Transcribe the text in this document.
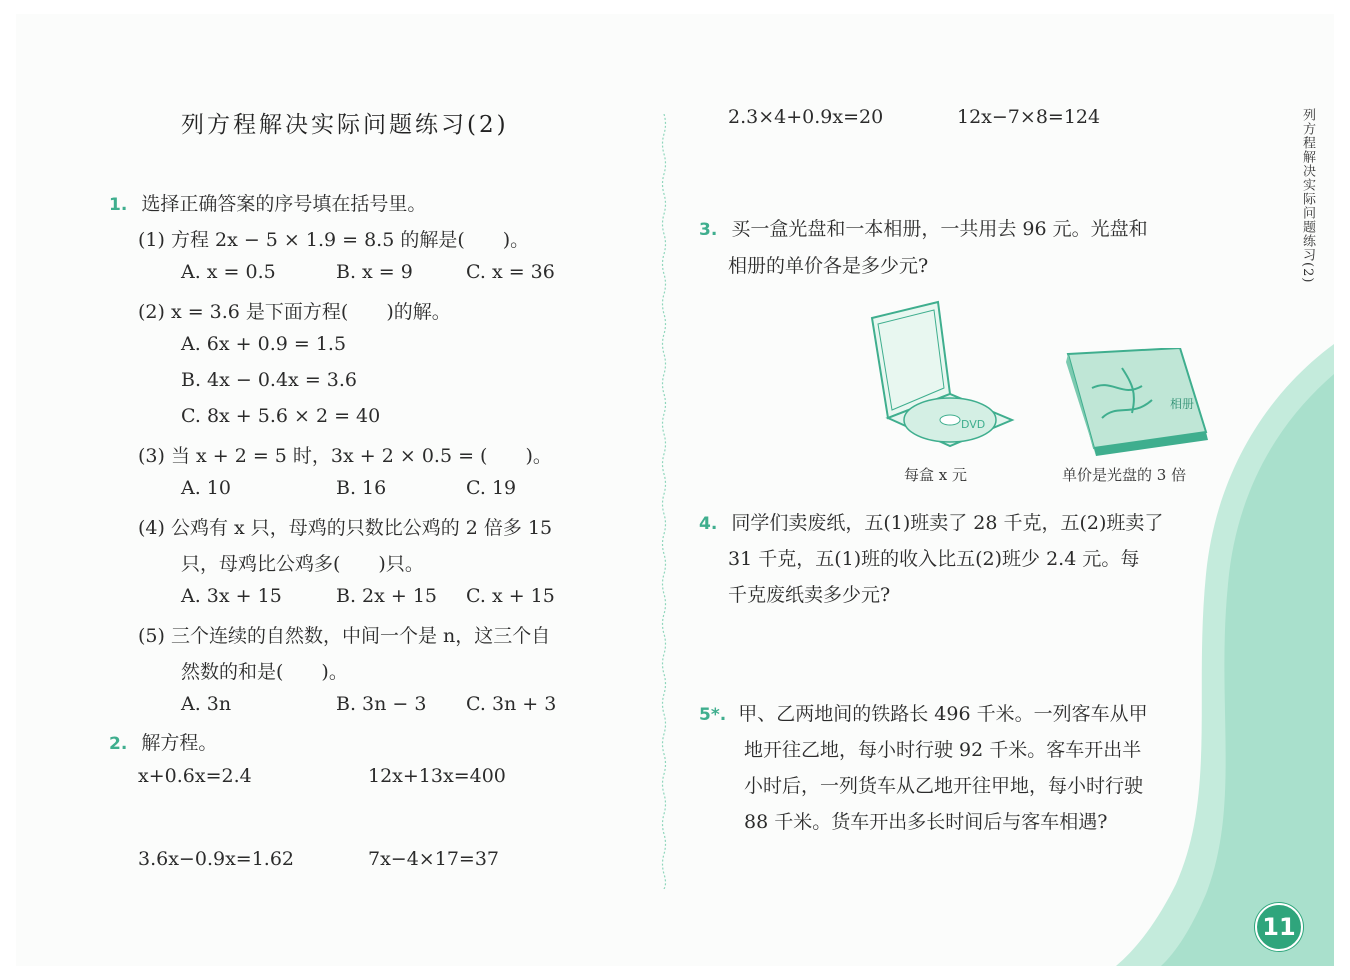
列方程解决实际问题练习(2)	列方程解决实际问题练习(2)
1. 选择正确答案的序号填在括号里。
(1) 方程 2x − 5 × 1.9 = 8.5 的解是(　　)。
A. x = 0.5	B. x = 9	C. x = 36
(2) x = 3.6 是下面方程(　　)的解。
A. 6x + 0.9 = 1.5
B. 4x − 0.4x = 3.6
C. 8x + 5.6 × 2 = 40
(3) 当 x + 2 = 5 时，3x + 2 × 0.5 = (　　)。
A. 10	B. 16	C. 19
(4) 公鸡有 x 只，母鸡的只数比公鸡的 2 倍多 15
只，母鸡比公鸡多(　　)只。
A. 3x + 15	B. 2x + 15 C. x + 15
(5) 三个连续的自然数，中间一个是 n，这三个自
然数的和是(　　)。
A. 3n	B. 3n − 3 C. 3n + 3
2. 解方程。
x+0.6x=2.4	12x+13x=400
3.6x−0.9x=1.62	7x−4×17=37
2.3×4+0.9x=20	12x−7×8=124
3. 买一盒光盘和一本相册，一共用去 96 元。光盘和
相册的单价各是多少元?
DVD
每盒 x 元
相册
单价是光盘的 3 倍
4. 同学们卖废纸，五(1)班卖了 28 千克，五(2)班卖了
31 千克，五(1)班的收入比五(2)班少 2.4 元。每
千克废纸卖多少元?
5*. 甲、乙两地间的铁路长 496 千米。一列客车从甲
地开往乙地，每小时行驶 92 千米。客车开出半
小时后，一列货车从乙地开往甲地，每小时行驶
88 千米。货车开出多长时间后与客车相遇?
11
